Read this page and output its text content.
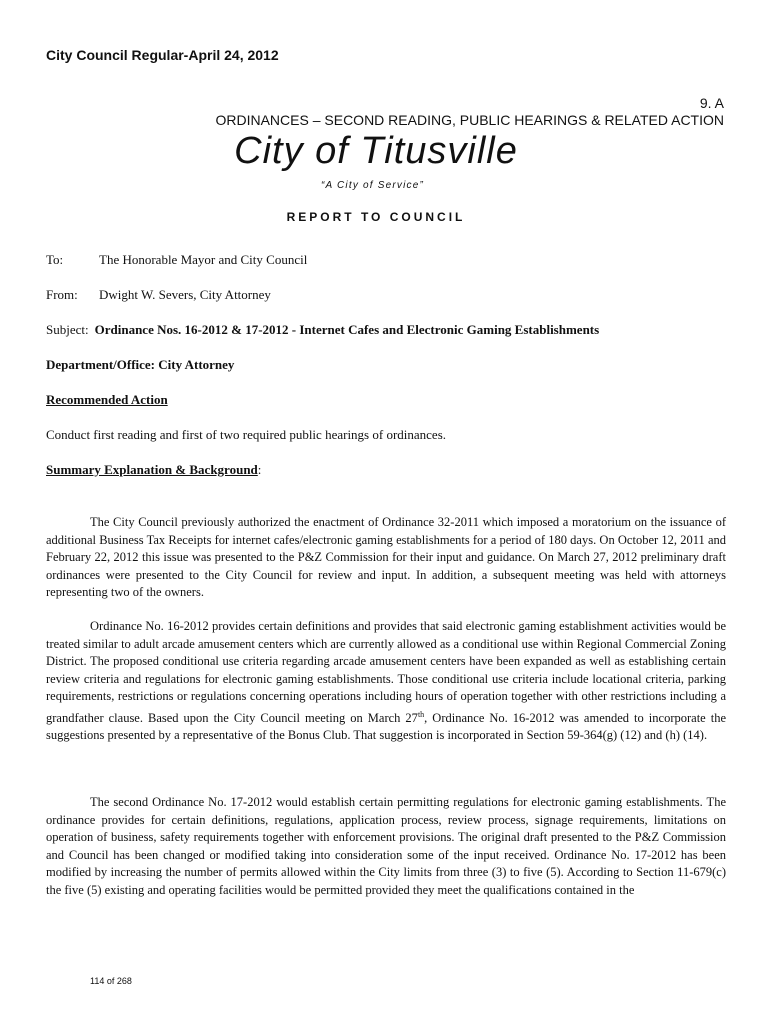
City Council Regular-April 24, 2012
9. A
ORDINANCES – SECOND READING, PUBLIC HEARINGS & RELATED ACTION
City of Titusville
“A City of Service”
REPORT TO COUNCIL
To:	The Honorable Mayor and City Council
From: Dwight W. Severs, City Attorney
Subject: Ordinance Nos. 16-2012 & 17-2012 - Internet Cafes and Electronic Gaming Establishments
Department/Office: City Attorney
Recommended Action
Conduct first reading and first of two required public hearings of ordinances.
Summary Explanation & Background:

The City Council previously authorized the enactment of Ordinance 32-2011 which imposed a moratorium on the issuance of additional Business Tax Receipts for internet cafes/electronic gaming establishments for a period of 180 days. On October 12, 2011 and February 22, 2012 this issue was presented to the P&Z Commission for their input and guidance. On March 27, 2012 preliminary draft ordinances were presented to the City Council for review and input. In addition, a subsequent meeting was held with attorneys representing two of the owners.

Ordinance No. 16-2012 provides certain definitions and provides that said electronic gaming establishment activities would be treated similar to adult arcade amusement centers which are currently allowed as a conditional use within Regional Commercial Zoning District. The proposed conditional use criteria regarding arcade amusement centers have been expanded as well as establishing certain review criteria and regulations for electronic gaming establishments. Those conditional use criteria include locational criteria, parking requirements, restrictions or regulations concerning operations including hours of operation together with other restrictions including a grandfather clause. Based upon the City Council meeting on March 27th, Ordinance No. 16-2012 was amended to incorporate the suggestions presented by a representative of the Bonus Club. That suggestion is incorporated in Section 59-364(g) (12) and (h) (14).

The second Ordinance No. 17-2012 would establish certain permitting regulations for electronic gaming establishments. The ordinance provides for certain definitions, regulations, application process, review process, signage requirements, limitations on operation of business, safety requirements together with enforcement provisions. The original draft presented to the P&Z Commission and Council has been changed or modified taking into consideration some of the input received. Ordinance No. 17-2012 has been modified by increasing the number of permits allowed within the City limits from three (3) to five (5). According to Section 11-679(c) the five (5) existing and operating facilities would be permitted provided they meet the qualifications contained in the

114 of 268
